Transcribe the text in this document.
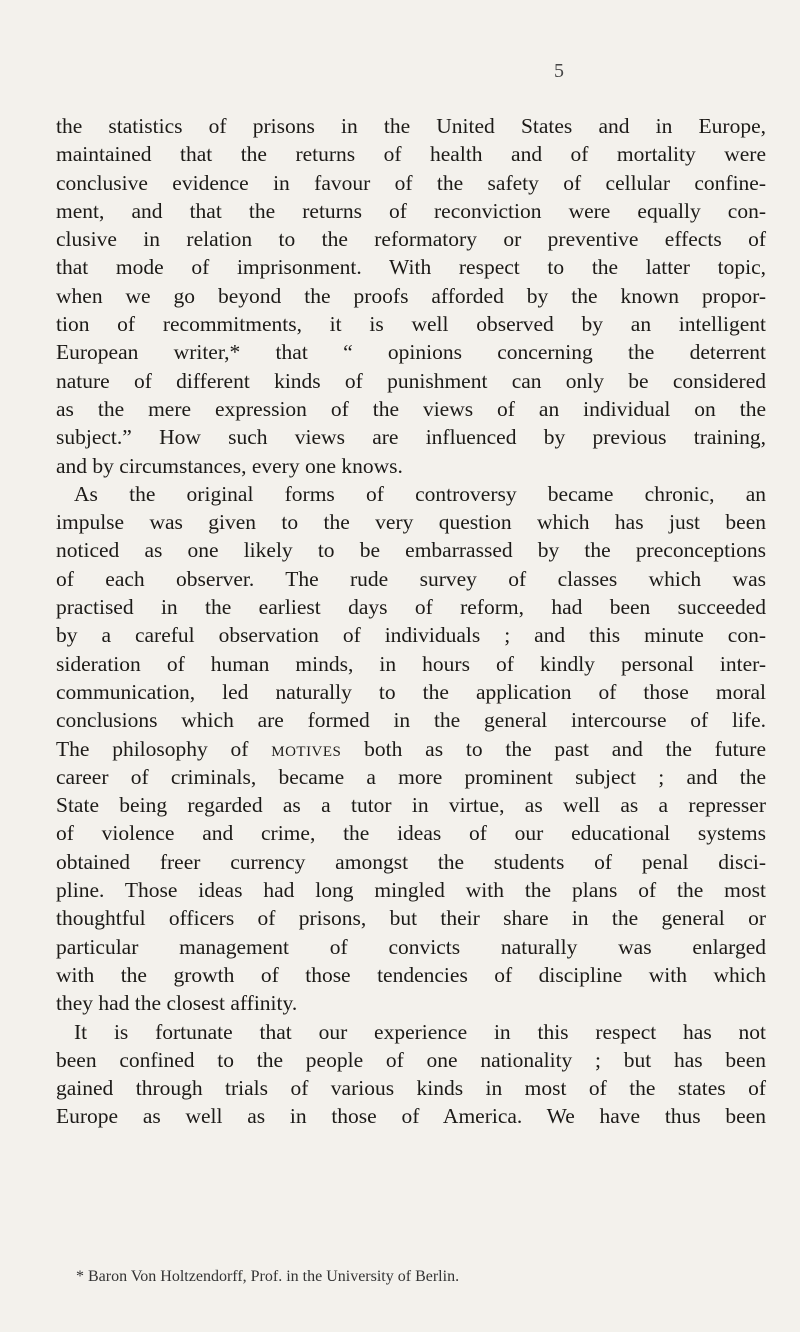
5
the statistics of prisons in the United States and in Europe,
maintained that the returns of health and of mortality were
conclusive evidence in favour of the safety of cellular confine-
ment, and that the returns of reconviction were equally con-
clusive in relation to the reformatory or preventive effects of
that mode of imprisonment. With respect to the latter topic,
when we go beyond the proofs afforded by the known propor-
tion of recommitments, it is well observed by an intelligent
European writer,* that “ opinions concerning the deterrent
nature of different kinds of punishment can only be considered
as the mere expression of the views of an individual on the
subject.” How such views are influenced by previous training,
and by circumstances, every one knows.
As the original forms of controversy became chronic, an
impulse was given to the very question which has just been
noticed as one likely to be embarrassed by the preconceptions
of each observer. The rude survey of classes which was
practised in the earliest days of reform, had been succeeded
by a careful observation of individuals ; and this minute con-
sideration of human minds, in hours of kindly personal inter-
communication, led naturally to the application of those moral
conclusions which are formed in the general intercourse of life.
The philosophy of motives both as to the past and the future
career of criminals, became a more prominent subject ; and the
State being regarded as a tutor in virtue, as well as a represser
of violence and crime, the ideas of our educational systems
obtained freer currency amongst the students of penal disci-
pline. Those ideas had long mingled with the plans of the most
thoughtful officers of prisons, but their share in the general or
particular management of convicts naturally was enlarged
with the growth of those tendencies of discipline with which
they had the closest affinity.
It is fortunate that our experience in this respect has not
been confined to the people of one nationality ; but has been
gained through trials of various kinds in most of the states of
Europe as well as in those of America. We have thus been
* Baron Von Holtzendorff, Prof. in the University of Berlin.
